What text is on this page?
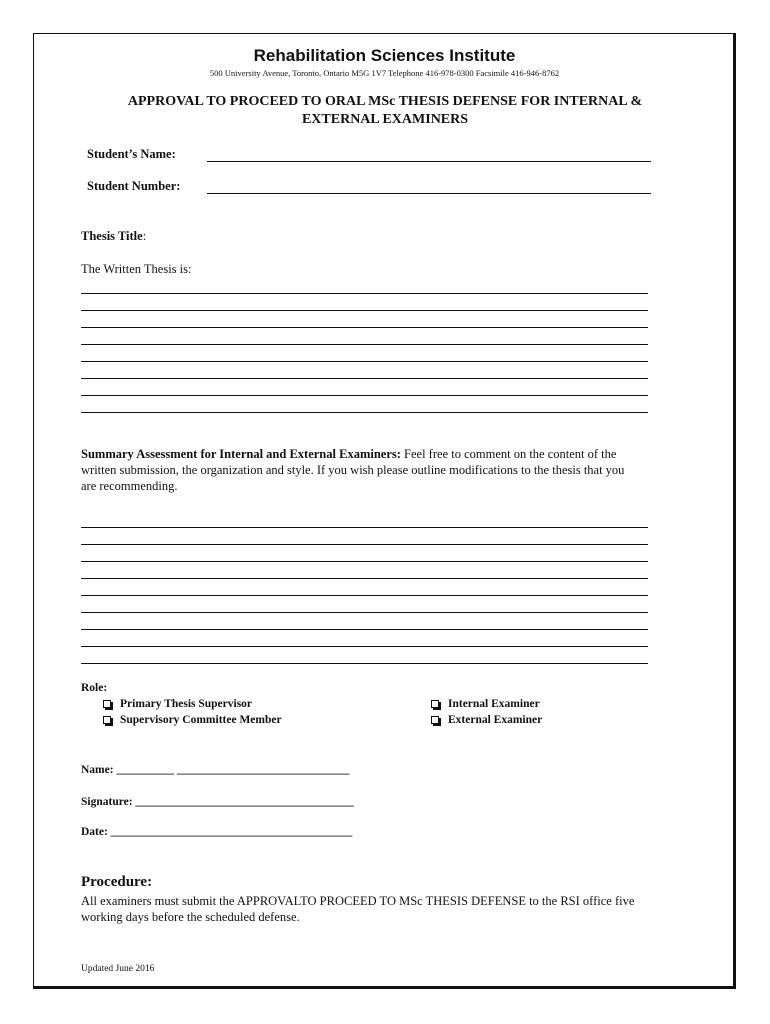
Rehabilitation Sciences Institute
500 University Avenue, Toronto, Ontario M5G 1V7 Telephone 416-978-0300 Facsimile 416-946-8762
APPROVAL TO PROCEED TO ORAL MSc THESIS DEFENSE FOR INTERNAL &
EXTERNAL EXAMINERS
Student’s Name:
Student Number:
Thesis Title:
The Written Thesis is:
Summary Assessment for Internal and External Examiners: Feel free to comment on the content of the
written submission, the organization and style. If you wish please outline modifications to the thesis that you
are recommending.
Role:
Primary Thesis Supervisor
Supervisory Committee Member
Internal Examiner
External Examiner
Name: __________ ______________________________
Signature: ______________________________________
Date: __________________________________________
Procedure:
All examiners must submit the APPROVALTO PROCEED TO MSc THESIS DEFENSE to the RSI office five
working days before the scheduled defense.
Updated June 2016
